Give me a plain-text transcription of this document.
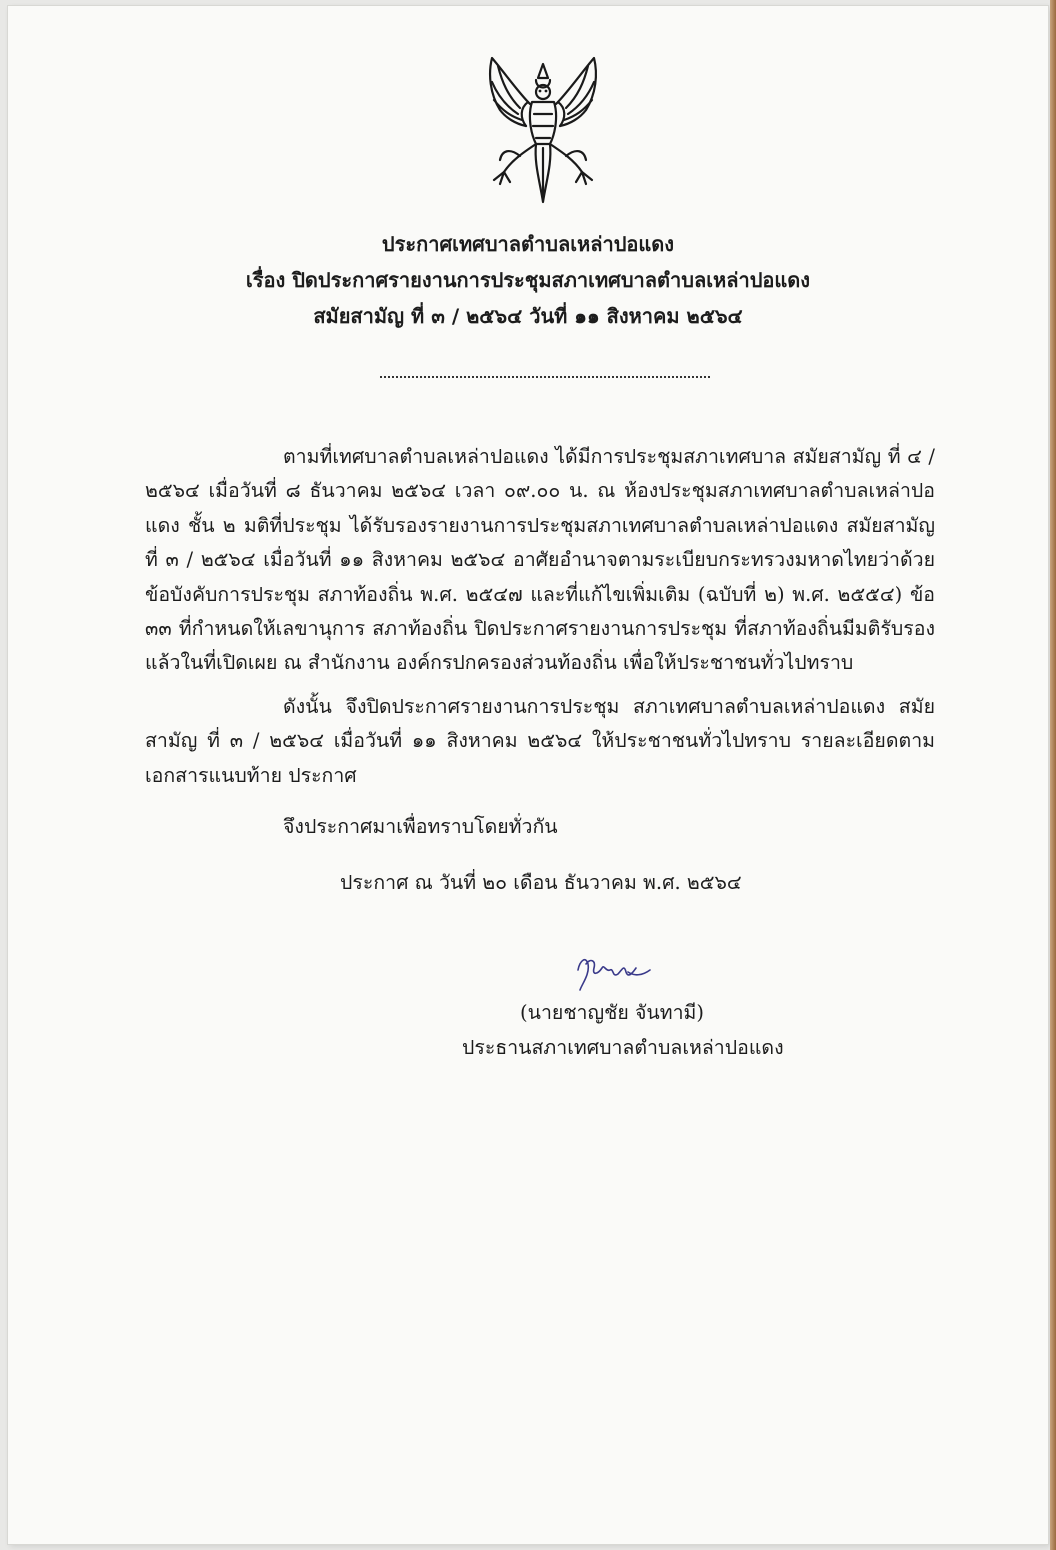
ประกาศเทศบาลตำบลเหล่าปอแดง
เรื่อง ปิดประกาศรายงานการประชุมสภาเทศบาลตำบลเหล่าปอแดง
สมัยสามัญ ที่ ๓ / ๒๕๖๔ วันที่ ๑๑ สิงหาคม ๒๕๖๔

ตามที่เทศบาลตำบลเหล่าปอแดง ได้มีการประชุมสภาเทศบาล สมัยสามัญ ที่ ๔ / ๒๕๖๔ เมื่อวันที่ ๘ ธันวาคม ๒๕๖๔ เวลา ๐๙.๐๐ น. ณ ห้องประชุมสภาเทศบาลตำบลเหล่าปอแดง ชั้น ๒ มติที่ประชุม ได้รับรองรายงานการประชุมสภาเทศบาลตำบลเหล่าปอแดง สมัยสามัญ ที่ ๓ / ๒๕๖๔ เมื่อวันที่ ๑๑ สิงหาคม ๒๕๖๔ อาศัยอำนาจตามระเบียบกระทรวงมหาดไทยว่าด้วยข้อบังคับการประชุม สภาท้องถิ่น พ.ศ. ๒๕๔๗ และที่แก้ไขเพิ่มเติม (ฉบับที่ ๒) พ.ศ. ๒๕๕๔) ข้อ ๓๓ ที่กำหนดให้เลขานุการ สภาท้องถิ่น ปิดประกาศรายงานการประชุม ที่สภาท้องถิ่นมีมติรับรองแล้วในที่เปิดเผย ณ สำนักงาน องค์กรปกครองส่วนท้องถิ่น เพื่อให้ประชาชนทั่วไปทราบ

ดังนั้น จึงปิดประกาศรายงานการประชุม สภาเทศบาลตำบลเหล่าปอแดง สมัยสามัญ ที่ ๓ / ๒๕๖๔ เมื่อวันที่ ๑๑ สิงหาคม ๒๕๖๔ ให้ประชาชนทั่วไปทราบ รายละเอียดตามเอกสารแนบท้าย ประกาศ

จึงประกาศมาเพื่อทราบโดยทั่วกัน

ประกาศ ณ วันที่ ๒๐ เดือน ธันวาคม พ.ศ. ๒๕๖๔

(นายชาญชัย จันทามี)

ประธานสภาเทศบาลตำบลเหล่าปอแดง
